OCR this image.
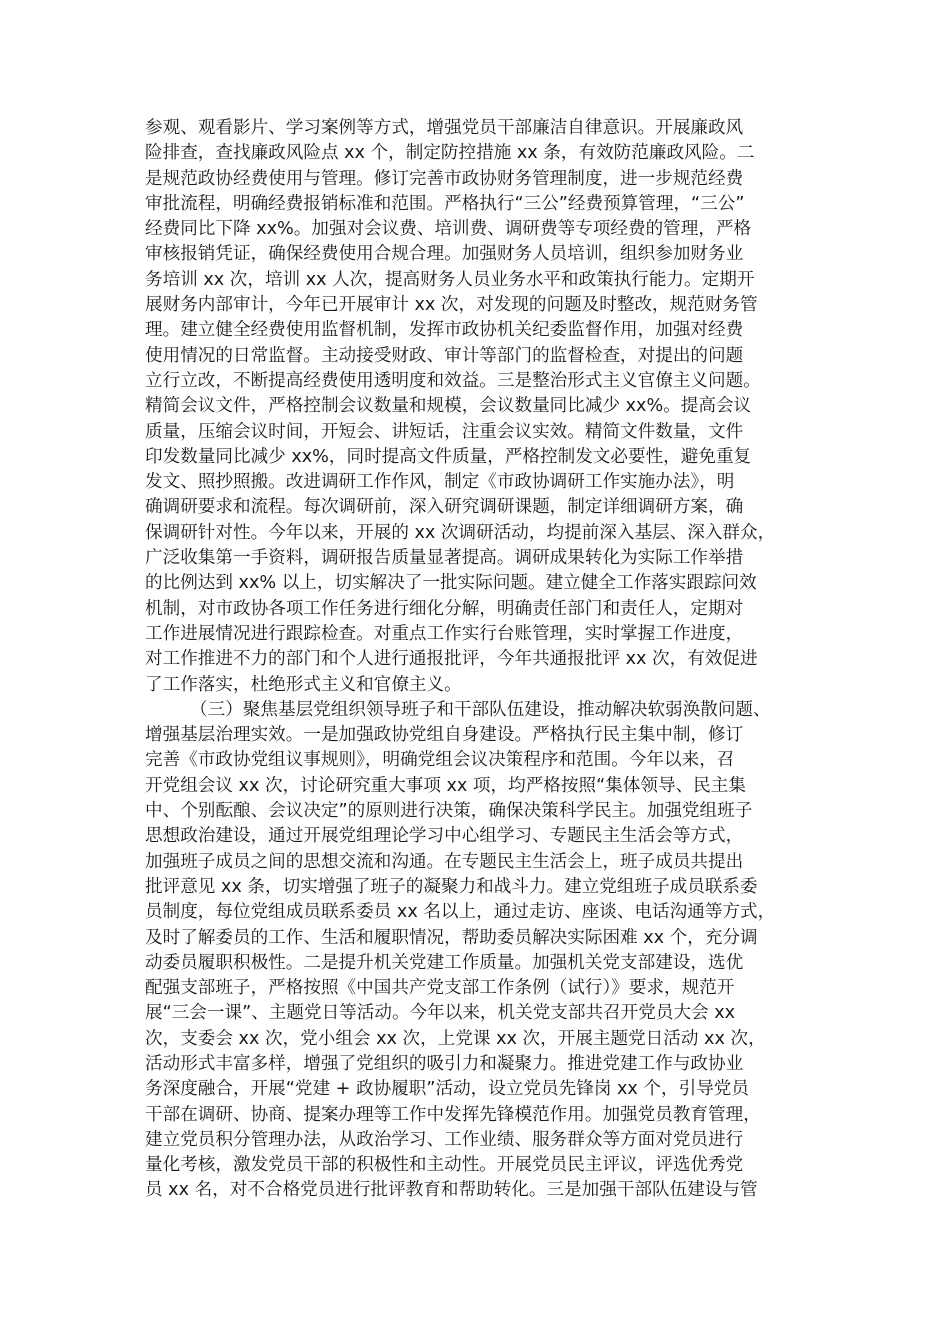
参观、观看影片、学习案例等方式，增强党员干部廉洁自律意识。开展廉政风
险排查，查找廉政风险点 xx 个，制定防控措施 xx 条，有效防范廉政风险。二
是规范政协经费使用与管理。修订完善市政协财务管理制度，进一步规范经费
审批流程，明确经费报销标准和范围。严格执行“三公”经费预算管理，“三公”
经费同比下降 xx%。加强对会议费、培训费、调研费等专项经费的管理，严格
审核报销凭证，确保经费使用合规合理。加强财务人员培训，组织参加财务业
务培训 xx 次，培训 xx 人次，提高财务人员业务水平和政策执行能力。定期开
展财务内部审计，今年已开展审计 xx 次，对发现的问题及时整改，规范财务管
理。建立健全经费使用监督机制，发挥市政协机关纪委监督作用，加强对经费
使用情况的日常监督。主动接受财政、审计等部门的监督检查，对提出的问题
立行立改，不断提高经费使用透明度和效益。三是整治形式主义官僚主义问题。
精简会议文件，严格控制会议数量和规模，会议数量同比减少 xx%。提高会议
质量，压缩会议时间，开短会、讲短话，注重会议实效。精简文件数量，文件
印发数量同比减少 xx%，同时提高文件质量，严格控制发文必要性，避免重复
发文、照抄照搬。改进调研工作作风，制定《市政协调研工作实施办法》，明
确调研要求和流程。每次调研前，深入研究调研课题，制定详细调研方案，确
保调研针对性。今年以来，开展的 xx 次调研活动，均提前深入基层、深入群众，
广泛收集第一手资料，调研报告质量显著提高。调研成果转化为实际工作举措
的比例达到 xx% 以上，切实解决了一批实际问题。建立健全工作落实跟踪问效
机制，对市政协各项工作任务进行细化分解，明确责任部门和责任人，定期对
工作进展情况进行跟踪检查。对重点工作实行台账管理，实时掌握工作进度，
对工作推进不力的部门和个人进行通报批评，今年共通报批评 xx 次，有效促进
了工作落实，杜绝形式主义和官僚主义。
（三）聚焦基层党组织领导班子和干部队伍建设，推动解决软弱涣散问题、
增强基层治理实效。一是加强政协党组自身建设。严格执行民主集中制，修订
完善《市政协党组议事规则》，明确党组会议决策程序和范围。今年以来，召
开党组会议 xx 次，讨论研究重大事项 xx 项，均严格按照“集体领导、民主集
中、个别酝酿、会议决定”的原则进行决策，确保决策科学民主。加强党组班子
思想政治建设，通过开展党组理论学习中心组学习、专题民主生活会等方式，
加强班子成员之间的思想交流和沟通。在专题民主生活会上，班子成员共提出
批评意见 xx 条，切实增强了班子的凝聚力和战斗力。建立党组班子成员联系委
员制度，每位党组成员联系委员 xx 名以上，通过走访、座谈、电话沟通等方式，
及时了解委员的工作、生活和履职情况，帮助委员解决实际困难 xx 个，充分调
动委员履职积极性。二是提升机关党建工作质量。加强机关党支部建设，选优
配强支部班子，严格按照《中国共产党支部工作条例（试行）》要求，规范开
展“三会一课”、主题党日等活动。今年以来，机关党支部共召开党员大会 xx
次，支委会 xx 次，党小组会 xx 次，上党课 xx 次，开展主题党日活动 xx 次，
活动形式丰富多样，增强了党组织的吸引力和凝聚力。推进党建工作与政协业
务深度融合，开展“党建 + 政协履职”活动，设立党员先锋岗 xx 个，引导党员
干部在调研、协商、提案办理等工作中发挥先锋模范作用。加强党员教育管理，
建立党员积分管理办法，从政治学习、工作业绩、服务群众等方面对党员进行
量化考核，激发党员干部的积极性和主动性。开展党员民主评议，评选优秀党
员 xx 名，对不合格党员进行批评教育和帮助转化。三是加强干部队伍建设与管
